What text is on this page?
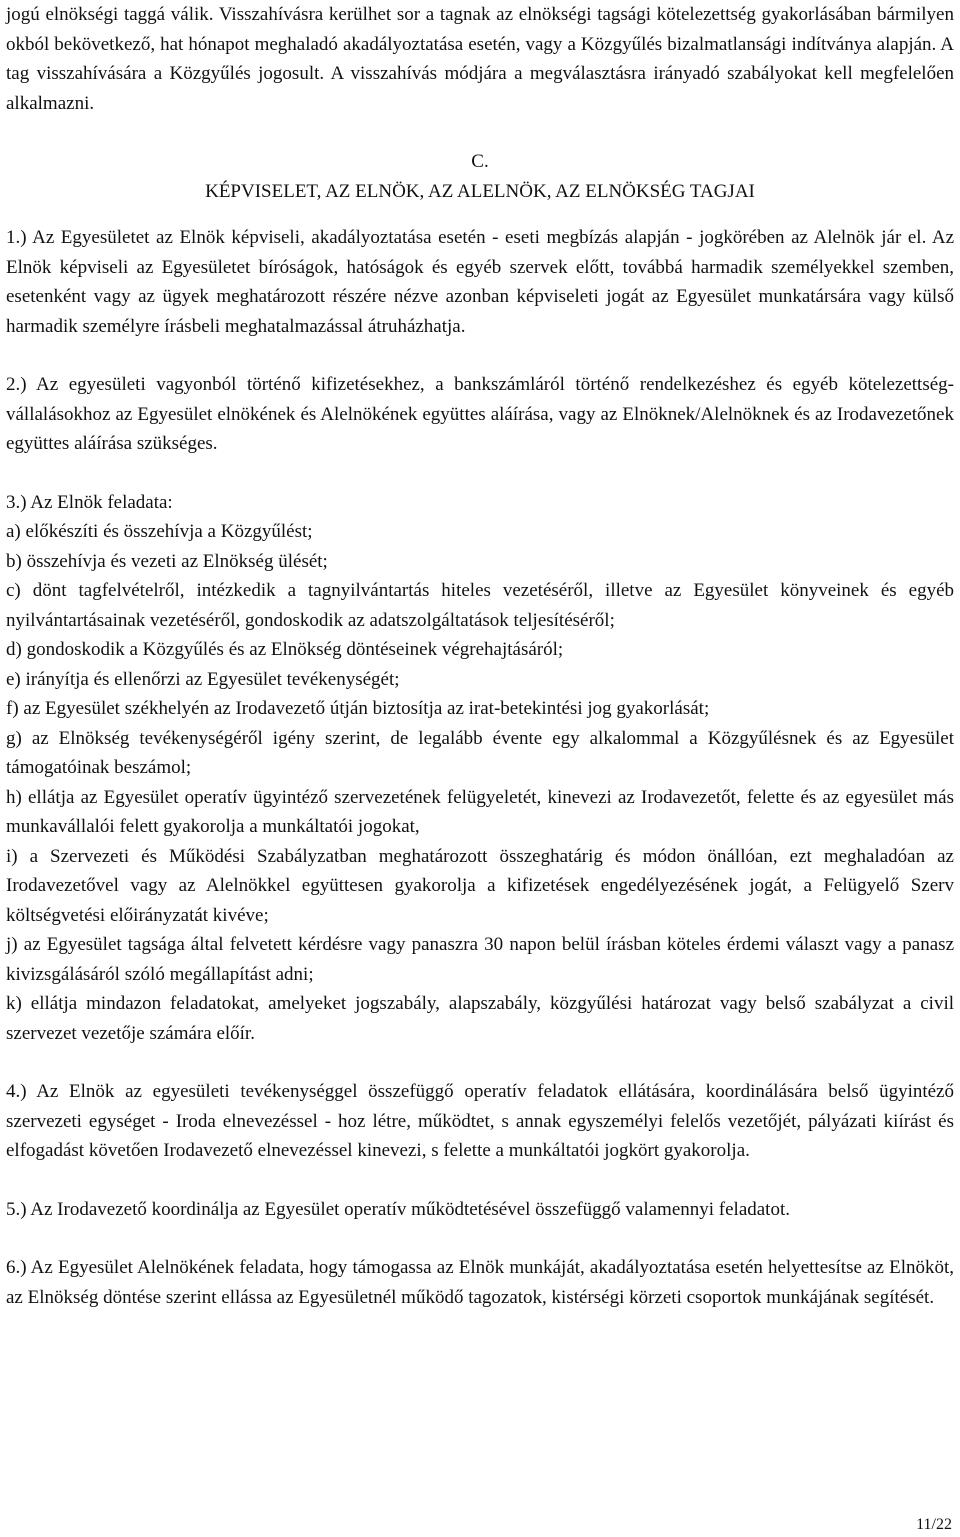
jogú elnökségi taggá válik. Visszahívásra kerülhet sor a tagnak az elnökségi tagsági kötelezettség gyakorlásában bármilyen okból bekövetkező, hat hónapot meghaladó akadályoztatása esetén, vagy a Közgyűlés bizalmatlansági indítványa alapján. A tag visszahívására a Közgyűlés jogosult. A visszahívás módjára a megválasztásra irányadó szabályokat kell megfelelően alkalmazni.

C.

KÉPVISELET, AZ ELNÖK, AZ ALELNÖK, AZ ELNÖKSÉG TAGJAI

1.) Az Egyesületet az Elnök képviseli, akadályoztatása esetén - eseti megbízás alapján - jogkörében az Alelnök jár el. Az Elnök képviseli az Egyesületet bíróságok, hatóságok és egyéb szervek előtt, továbbá harmadik személyekkel szemben, esetenként vagy az ügyek meghatározott részére nézve azonban képviseleti jogát az Egyesület munkatársára vagy külső harmadik személyre írásbeli meghatalmazással átruházhatja.

2.) Az egyesületi vagyonból történő kifizetésekhez, a bankszámláról történő rendelkezéshez és egyéb kötelezettség-vállalásokhoz az Egyesület elnökének és Alelnökének együttes aláírása, vagy az Elnöknek/Alelnöknek és az Irodavezetőnek együttes aláírása szükséges.

3.) Az Elnök feladata:

a) előkészíti és összehívja a Közgyűlést;

b) összehívja és vezeti az Elnökség ülését;

c) dönt tagfelvételről, intézkedik a tagnyilvántartás hiteles vezetéséről, illetve az Egyesület könyveinek és egyéb nyilvántartásainak vezetéséről, gondoskodik az adatszolgáltatások teljesítéséről;

d) gondoskodik a Közgyűlés és az Elnökség döntéseinek végrehajtásáról;

e) irányítja és ellenőrzi az Egyesület tevékenységét;

f) az Egyesület székhelyén az Irodavezető útján biztosítja az irat-betekintési jog gyakorlását;

g) az Elnökség tevékenységéről igény szerint, de legalább évente egy alkalommal a Közgyűlésnek és az Egyesület támogatóinak beszámol;

h) ellátja az Egyesület operatív ügyintéző szervezetének felügyeletét, kinevezi az Irodavezetőt, felette és az egyesület más munkavállalói felett gyakorolja a munkáltatói jogokat,

i) a Szervezeti és Működési Szabályzatban meghatározott összeghatárig és módon önállóan, ezt meghaladóan az Irodavezetővel vagy az Alelnökkel együttesen gyakorolja a kifizetések engedélyezésének jogát, a Felügyelő Szerv költségvetési előirányzatát kivéve;

j) az Egyesület tagsága által felvetett kérdésre vagy panaszra 30 napon belül írásban köteles érdemi választ vagy a panasz kivizsgálásáról szóló megállapítást adni;

k) ellátja mindazon feladatokat, amelyeket jogszabály, alapszabály, közgyűlési határozat vagy belső szabályzat a civil szervezet vezetője számára előír.

4.) Az Elnök az egyesületi tevékenységgel összefüggő operatív feladatok ellátására, koordinálására belső ügyintéző szervezeti egységet - Iroda elnevezéssel - hoz létre, működtet, s annak egyszemélyi felelős vezetőjét, pályázati kiírást és elfogadást követően Irodavezető elnevezéssel kinevezi, s felette a munkáltatói jogkört gyakorolja.

5.) Az Irodavezető koordinálja az Egyesület operatív működtetésével összefüggő valamennyi feladatot.

6.) Az Egyesület Alelnökének feladata, hogy támogassa az Elnök munkáját, akadályoztatása esetén helyettesítse az Elnököt, az Elnökség döntése szerint ellássa az Egyesületnél működő tagozatok, kistérségi körzeti csoportok munkájának segítését.

11/22
